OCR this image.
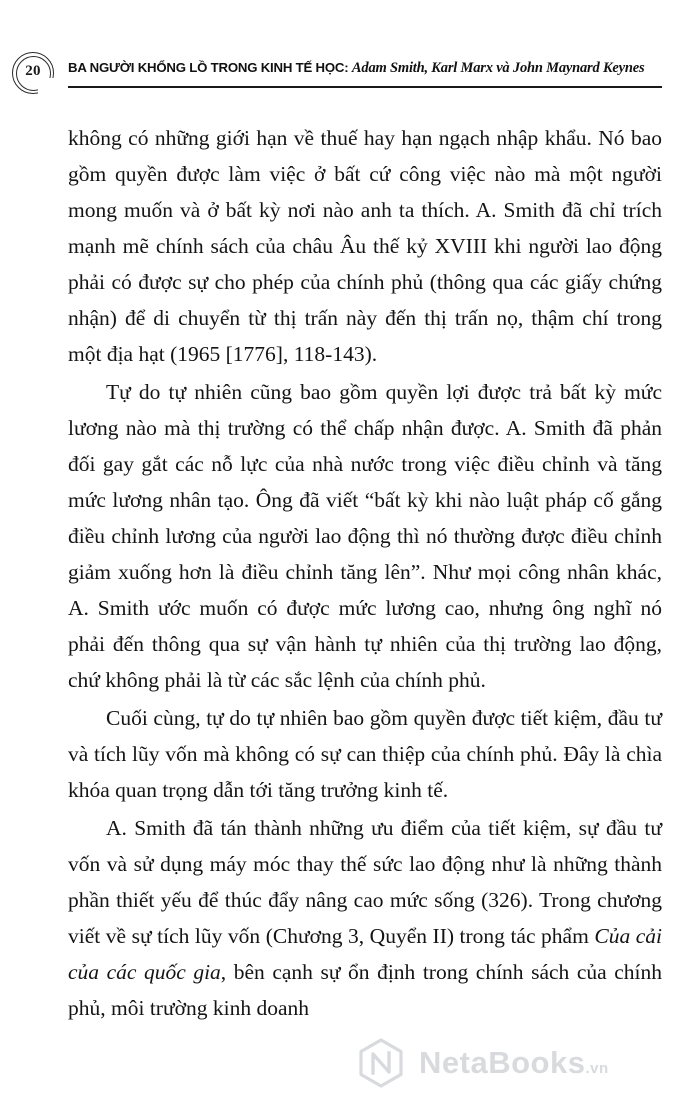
20	BA NGƯỜI KHỔNG LỒ TRONG KINH TẾ HỌC: Adam Smith, Karl Marx và John Maynard Keynes

không có những giới hạn về thuế hay hạn ngạch nhập khẩu. Nó bao gồm quyền được làm việc ở bất cứ công việc nào mà một người mong muốn và ở bất kỳ nơi nào anh ta thích. A. Smith đã chỉ trích mạnh mẽ chính sách của châu Âu thế kỷ XVIII khi người lao động phải có được sự cho phép của chính phủ (thông qua các giấy chứng nhận) để di chuyển từ thị trấn này đến thị trấn nọ, thậm chí trong một địa hạt (1965 [1776], 118-143).

Tự do tự nhiên cũng bao gồm quyền lợi được trả bất kỳ mức lương nào mà thị trường có thể chấp nhận được. A. Smith đã phản đối gay gắt các nỗ lực của nhà nước trong việc điều chỉnh và tăng mức lương nhân tạo. Ông đã viết “bất kỳ khi nào luật pháp cố gắng điều chỉnh lương của người lao động thì nó thường được điều chỉnh giảm xuống hơn là điều chỉnh tăng lên”. Như mọi công nhân khác, A. Smith ước muốn có được mức lương cao, nhưng ông nghĩ nó phải đến thông qua sự vận hành tự nhiên của thị trường lao động, chứ không phải là từ các sắc lệnh của chính phủ.

Cuối cùng, tự do tự nhiên bao gồm quyền được tiết kiệm, đầu tư và tích lũy vốn mà không có sự can thiệp của chính phủ. Đây là chìa khóa quan trọng dẫn tới tăng trưởng kinh tế.

A. Smith đã tán thành những ưu điểm của tiết kiệm, sự đầu tư vốn và sử dụng máy móc thay thế sức lao động như là những thành phần thiết yếu để thúc đẩy nâng cao mức sống (326). Trong chương viết về sự tích lũy vốn (Chương 3, Quyển II) trong tác phẩm Của cải của các quốc gia, bên cạnh sự ổn định trong chính sách của chính phủ, môi trường kinh doanh

NetaBooks.vn
